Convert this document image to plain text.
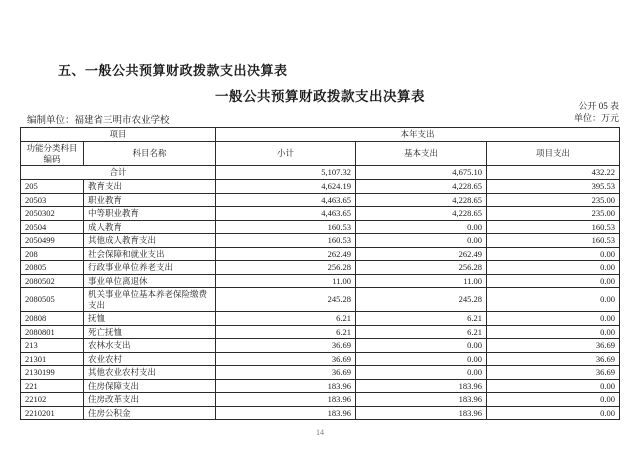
五、一般公共预算财政拨款支出决算表
一般公共预算财政拨款支出决算表
公开 05 表
单位：万元
编制单位：福建省三明市农业学校
项目		本年支出		
功能分类科目编码	科目名称	小计	基本支出	项目支出
合计		5,107.32	4,675.10	432.22
205	教育支出	4,624.19	4,228.65	395.53
20503	职业教育	4,463.65	4,228.65	235.00
2050302	中等职业教育	4,463.65	4,228.65	235.00
20504	成人教育	160.53	0.00	160.53
2050499	其他成人教育支出	160.53	0.00	160.53
208	社会保障和就业支出	262.49	262.49	0.00
20805	行政事业单位养老支出	256.28	256.28	0.00
2080502	事业单位离退休	11.00	11.00	0.00
2080505	机关事业单位基本养老保险缴费支出	245.28	245.28	0.00
20808	抚恤	6.21	6.21	0.00
2080801	死亡抚恤	6.21	6.21	0.00
213	农林水支出	36.69	0.00	36.69
21301	农业农村	36.69	0.00	36.69
2130199	其他农业农村支出	36.69	0.00	36.69
221	住房保障支出	183.96	183.96	0.00
22102	住房改革支出	183.96	183.96	0.00
2210201	住房公积金	183.96	183.96	0.00
14
